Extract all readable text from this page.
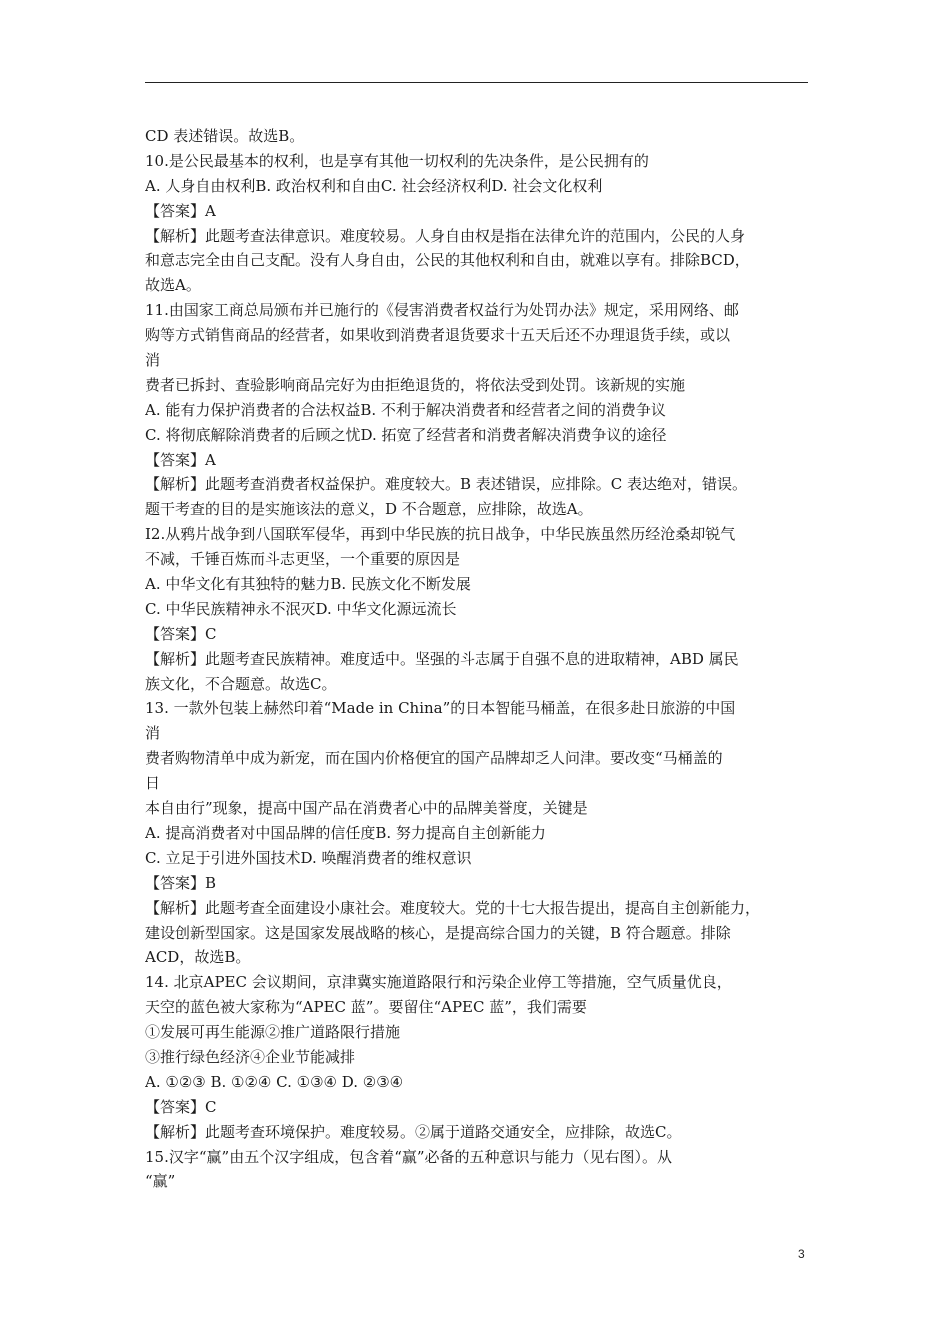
CD 表述错误。故选B。
10.是公民最基本的权利，也是享有其他一切权利的先决条件，是公民拥有的
A. 人身自由权利B. 政治权利和自由C. 社会经济权利D. 社会文化权利
【答案】A
【解析】此题考查法律意识。难度较易。人身自由权是指在法律允许的范围内，公民的人身
和意志完全由自己支配。没有人身自由，公民的其他权利和自由，就难以享有。排除BCD，
故选A。
11.由国家工商总局颁布并已施行的《侵害消费者权益行为处罚办法》规定，采用网络、邮
购等方式销售商品的经营者，如果收到消费者退货要求十五天后还不办理退货手续，或以
消
费者已拆封、查验影响商品完好为由拒绝退货的，将依法受到处罚。该新规的实施
A. 能有力保护消费者的合法权益B. 不利于解决消费者和经营者之间的消费争议
C. 将彻底解除消费者的后顾之忧D. 拓宽了经营者和消费者解决消费争议的途径
【答案】A
【解析】此题考查消费者权益保护。难度较大。B 表述错误，应排除。C 表达绝对，错误。
题干考查的目的是实施该法的意义，D 不合题意，应排除，故选A。
I2.从鸦片战争到八国联军侵华，再到中华民族的抗日战争，中华民族虽然历经沧桑却锐气
不减，千锤百炼而斗志更坚，一个重要的原因是
A. 中华文化有其独特的魅力B. 民族文化不断发展
C. 中华民族精神永不泯灭D. 中华文化源远流长
【答案】C
【解析】此题考查民族精神。难度适中。坚强的斗志属于自强不息的进取精神，ABD 属民
族文化，不合题意。故选C。
13. 一款外包装上赫然印着“Made in China”的日本智能马桶盖，在很多赴日旅游的中国
消
费者购物清单中成为新宠，而在国内价格便宜的国产品牌却乏人问津。要改变“马桶盖的
日
本自由行”现象，提高中国产品在消费者心中的品牌美誉度，关键是
A. 提高消费者对中国品牌的信任度B. 努力提高自主创新能力
C. 立足于引进外国技术D. 唤醒消费者的维权意识
【答案】B
【解析】此题考查全面建设小康社会。难度较大。党的十七大报告提出，提高自主创新能力，
建设创新型国家。这是国家发展战略的核心，是提高综合国力的关键，B 符合题意。排除
ACD，故选B。
14. 北京APEC 会议期间，京津冀实施道路限行和污染企业停工等措施，空气质量优良，
天空的蓝色被大家称为“APEC 蓝”。要留住“APEC 蓝”，我们需要
①发展可再生能源②推广道路限行措施
③推行绿色经济④企业节能减排
A. ①②③ B. ①②④ C. ①③④ D. ②③④
【答案】C
【解析】此题考查环境保护。难度较易。②属于道路交通安全，应排除，故选C。
15.汉字“赢”由五个汉字组成，包含着“赢”必备的五种意识与能力（见右图）。从
“赢”
3
